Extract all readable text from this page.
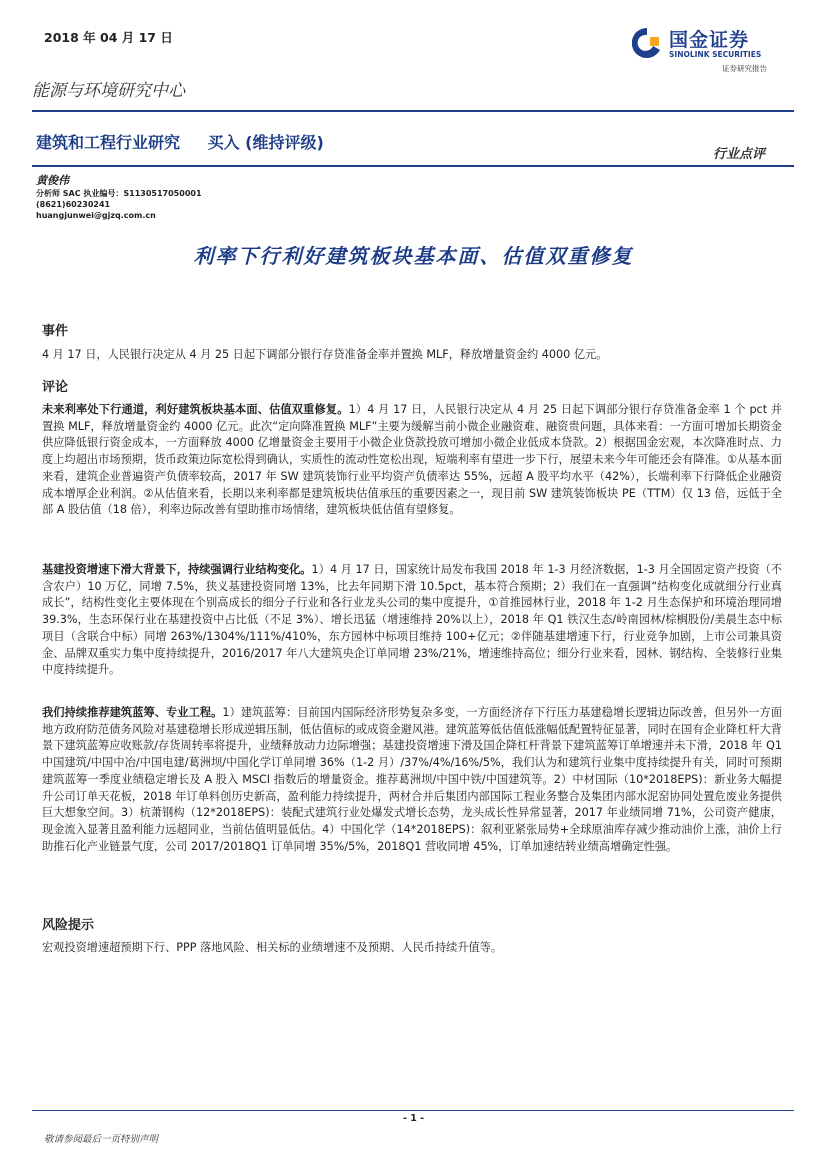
2018 年 04 月 17 日	国金证券
SINOLINK SECURITIES
证券研究报告
能源与环境研究中心
建筑和工程行业研究 买入 (维持评级)
行业点评
黄俊伟
分析师 SAC 执业编号：S1130517050001
(8621)60230241
huangjunwei@gjzq.com.cn
利率下行利好建筑板块基本面、估值双重修复
事件
4 月 17 日，人民银行决定从 4 月 25 日起下调部分银行存贷准备金率并置换 MLF，释放增量资金约 4000 亿元。
评论
未来利率处下行通道，利好建筑板块基本面、估值双重修复。1）4 月 17 日，人民银行决定从 4 月 25 日起下调部分银行存贷准备金率 1 个 pct 并置换 MLF，释放增量资金约 4000 亿元。此次“定向降准置换 MLF”主要为缓解当前小微企业融资难、融资贵问题，具体来看：一方面可增加长期资金供应降低银行资金成本，一方面释放 4000 亿增量资金主要用于小微企业贷款投放可增加小微企业低成本贷款。2）根据国金宏观，本次降准时点、力度上均超出市场预期，货币政策边际宽松得到确认，实质性的流动性宽松出现，短端利率有望进一步下行，展望未来今年可能还会有降准。①从基本面来看，建筑企业普遍资产负债率较高，2017 年 SW 建筑装饰行业平均资产负债率达 55%，远超 A 股平均水平（42%），长端利率下行降低企业融资成本增厚企业利润。②从估值来看，长期以来利率都是建筑板块估值承压的重要因素之一，现目前 SW 建筑装饰板块 PE（TTM）仅 13 倍，远低于全部 A 股估值（18 倍），利率边际改善有望助推市场情绪，建筑板块低估值有望修复。
基建投资增速下滑大背景下，持续强调行业结构变化。1）4 月 17 日，国家统计局发布我国 2018 年 1-3 月经济数据，1-3 月全国固定资产投资（不含农户）10 万亿，同增 7.5%，狭义基建投资同增 13%，比去年同期下滑 10.5pct，基本符合预期；2）我们在一直强调“结构变化成就细分行业真成长”，结构性变化主要体现在个别高成长的细分子行业和各行业龙头公司的集中度提升，①首推园林行业，2018 年 1-2 月生态保护和环境治理同增 39.3%，生态环保行业在基建投资中占比低（不足 3%）、增长迅猛（增速维持 20%以上），2018 年 Q1 铁汉生态/岭南园林/棕榈股份/美晨生态中标项目（含联合中标）同增 263%/1304%/111%/410%，东方园林中标项目维持 100+亿元；②伴随基建增速下行，行业竞争加剧，上市公司兼具资金、品牌双重实力集中度持续提升，2016/2017 年八大建筑央企订单同增 23%/21%，增速维持高位；细分行业来看，园林、钢结构、全装修行业集中度持续提升。
我们持续推荐建筑蓝筹、专业工程。1）建筑蓝筹：目前国内国际经济形势复杂多变，一方面经济存下行压力基建稳增长逻辑边际改善，但另外一方面地方政府防范债务风险对基建稳增长形成逆辑压制，低估值标的或成资金避风港。建筑蓝筹低估值低涨幅低配置特征显著，同时在国有企业降杠杆大背景下建筑蓝筹应收账款/存货周转率将提升，业绩释放动力边际增强；基建投资增速下滑及国企降杠杆背景下建筑蓝筹订单增速并未下滑，2018 年 Q1 中国建筑/中国中冶/中国电建/葛洲坝/中国化学订单同增 36%（1-2 月）/37%/4%/16%/5%，我们认为和建筑行业集中度持续提升有关，同时可预期建筑蓝筹一季度业绩稳定增长及 A 股入 MSCI 指数后的增量资金。推荐葛洲坝/中国中铁/中国建筑等。2）中材国际（10*2018EPS)：新业务大幅提升公司订单天花板，2018 年订单料创历史新高，盈利能力持续提升，两材合并后集团内部国际工程业务整合及集团内部水泥窑协同处置危废业务提供巨大想象空间。3）杭萧钢构（12*2018EPS)：装配式建筑行业处爆发式增长态势，龙头成长性异常显著，2017 年业绩同增 71%，公司资产健康，现金流入显著且盈利能力远超同业，当前估值明显低估。4）中国化学（14*2018EPS)：叙利亚紧张局势+全球原油库存减少推动油价上涨，油价上行助推石化产业链景气度，公司 2017/2018Q1 订单同增 35%/5%，2018Q1 营收同增 45%，订单加速结转业绩高增确定性强。
风险提示
宏观投资增速超预期下行、PPP 落地风险、相关标的业绩增速不及预期、人民币持续升值等。
- 1 -
敬请参阅最后一页特别声明
